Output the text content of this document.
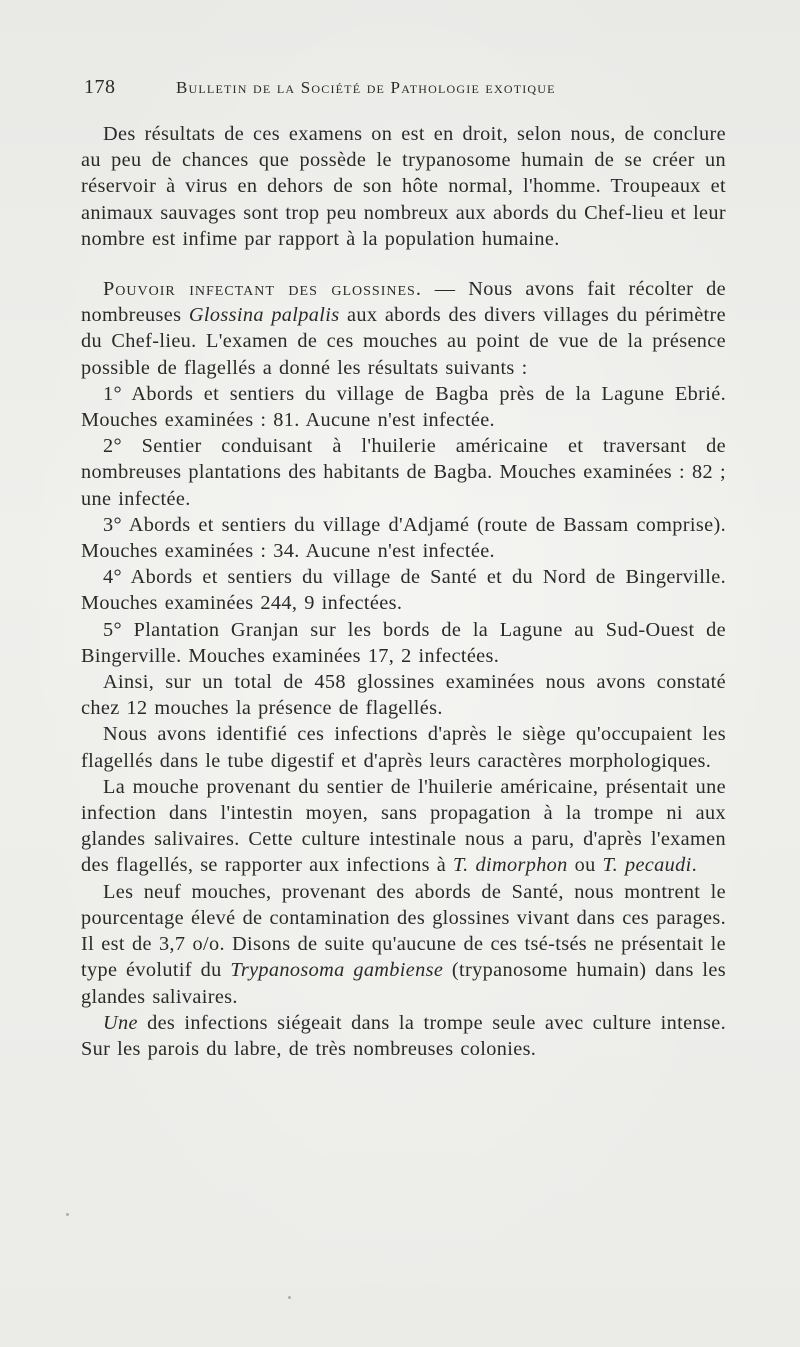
178	Bulletin de la Société de Pathologie exotique

Des résultats de ces examens on est en droit, selon nous, de conclure au peu de chances que possède le trypanosome humain de se créer un réservoir à virus en dehors de son hôte normal, l'homme. Troupeaux et animaux sauvages sont trop peu nombreux aux abords du Chef-lieu et leur nombre est infime par rapport à la population humaine.

Pouvoir infectant des glossines. — Nous avons fait récolter de nombreuses Glossina palpalis aux abords des divers villages du périmètre du Chef-lieu. L'examen de ces mouches au point de vue de la présence possible de flagellés a donné les résultats suivants :

1° Abords et sentiers du village de Bagba près de la Lagune Ebrié. Mouches examinées : 81. Aucune n'est infectée.

2° Sentier conduisant à l'huilerie américaine et traversant de nombreuses plantations des habitants de Bagba. Mouches examinées : 82 ; une infectée.

3° Abords et sentiers du village d'Adjamé (route de Bassam comprise). Mouches examinées : 34. Aucune n'est infectée.

4° Abords et sentiers du village de Santé et du Nord de Bingerville. Mouches examinées 244, 9 infectées.

5° Plantation Granjan sur les bords de la Lagune au Sud-Ouest de Bingerville. Mouches examinées 17, 2 infectées.

Ainsi, sur un total de 458 glossines examinées nous avons constaté chez 12 mouches la présence de flagellés.

Nous avons identifié ces infections d'après le siège qu'occupaient les flagellés dans le tube digestif et d'après leurs caractères morphologiques.

La mouche provenant du sentier de l'huilerie américaine, présentait une infection dans l'intestin moyen, sans propagation à la trompe ni aux glandes salivaires. Cette culture intestinale nous a paru, d'après l'examen des flagellés, se rapporter aux infections à T. dimorphon ou T. pecaudi.

Les neuf mouches, provenant des abords de Santé, nous montrent le pourcentage élevé de contamination des glossines vivant dans ces parages. Il est de 3,7 o/o. Disons de suite qu'aucune de ces tsé-tsés ne présentait le type évolutif du Trypanosoma gambiense (trypanosome humain) dans les glandes salivaires.

Une des infections siégeait dans la trompe seule avec culture intense. Sur les parois du labre, de très nombreuses colonies.
